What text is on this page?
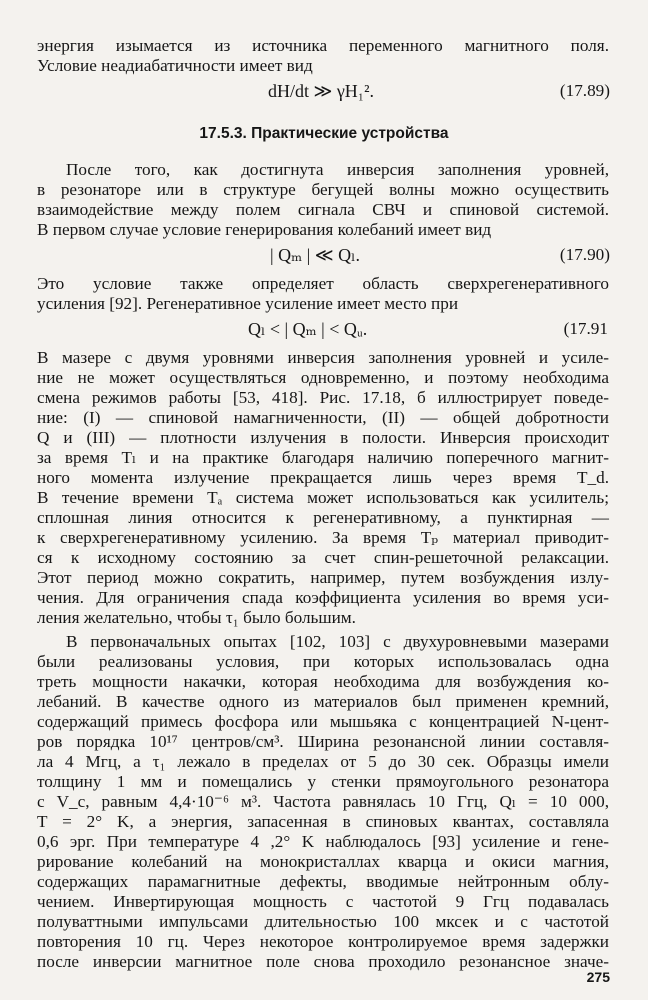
энергия изымается из источника переменного магнитного поля.
Условие неадиабатичности имеет вид
dH/dt ≫ γH₁².	(17.89)
17.5.3. Практические устройства
После того, как достигнута инверсия заполнения уровней,
в резонаторе или в структуре бегущей волны можно осуществить
взаимодействие между полем сигнала СВЧ и спиновой системой.
В первом случае условие генерирования колебаний имеет вид
| Qₘ | ≪ Qₗ.	(17.90)
Это условие также определяет область сверхрегенеративного
усиления [92]. Регенеративное усиление имеет место при
Qₗ < | Qₘ | < Qᵤ.	(17.91
В мазере с двумя уровнями инверсия заполнения уровней и усиле-
ние не может осуществляться одновременно, и поэтому необходима
смена режимов работы [53, 418]. Рис. 17.18, б иллюстрирует поведе-
ние: (I) — спиновой намагниченности, (II) — общей добротности
Q и (III) — плотности излучения в полости. Инверсия происходит
за время Tₗ и на практике благодаря наличию поперечного магнит-
ного момента излучение прекращается лишь через время T_d.
В течение времени Tₐ система может использоваться как усилитель;
сплошная линия относится к регенеративному, а пунктирная —
к сверхрегенеративному усилению. За время Tₚ материал приводит-
ся к исходному состоянию за счет спин-решеточной релаксации.
Этот период можно сократить, например, путем возбуждения излу-
чения. Для ограничения спада коэффициента усиления во время уси-
ления желательно, чтобы τ₁ было большим.
В первоначальных опытах [102, 103] с двухуровневыми мазерами
были реализованы условия, при которых использовалась одна
треть мощности накачки, которая необходима для возбуждения ко-
лебаний. В качестве одного из материалов был применен кремний,
содержащий примесь фосфора или мышьяка с концентрацией N-цент-
ров порядка 10¹⁷ центров/см³. Ширина резонансной линии составля-
ла 4 Мгц, а τ₁ лежало в пределах от 5 до 30 сек. Образцы имели
толщину 1 мм и помещались у стенки прямоугольного резонатора
с V_c, равным 4,4·10⁻⁶ м³. Частота равнялась 10 Ггц, Qₗ = 10 000,
T = 2° K, а энергия, запасенная в спиновых квантах, составляла
0,6 эрг. При температуре 4 ,2° K наблюдалось [93] усиление и гене-
рирование колебаний на монокристаллах кварца и окиси магния,
содержащих парамагнитные дефекты, вводимые нейтронным облу-
чением. Инвертирующая мощность с частотой 9 Ггц подавалась
полуваттными импульсами длительностью 100 мксек и с частотой
повторения 10 гц. Через некоторое контролируемое время задержки
после инверсии магнитное поле снова проходило резонансное значе-
275
